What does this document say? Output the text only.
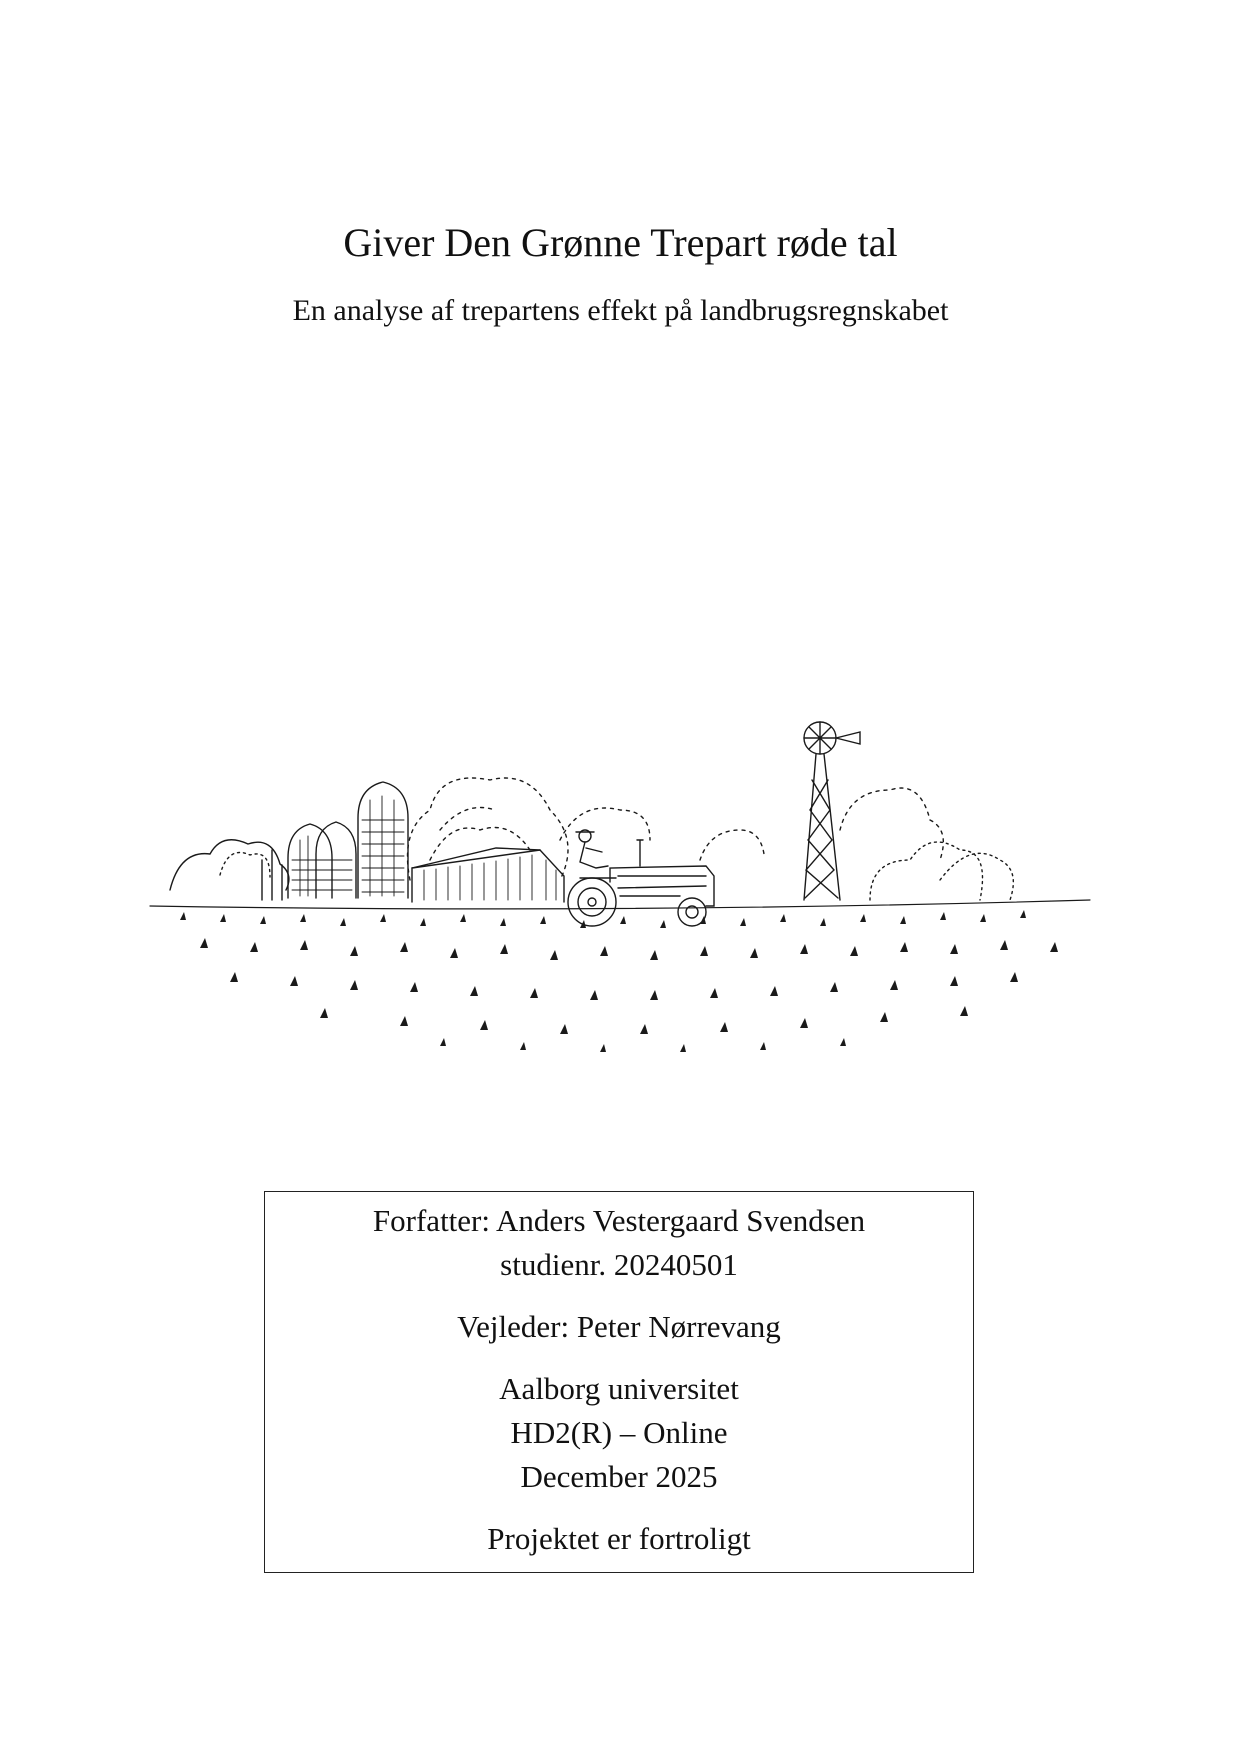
Giver Den Grønne Trepart røde tal
En analyse af trepartens effekt på landbrugsregnskabet
Forfatter: Anders Vestergaard Svendsen
studienr. 20240501
Vejleder: Peter Nørrevang
Aalborg universitet
HD2(R) – Online
December 2025
Projektet er fortroligt
